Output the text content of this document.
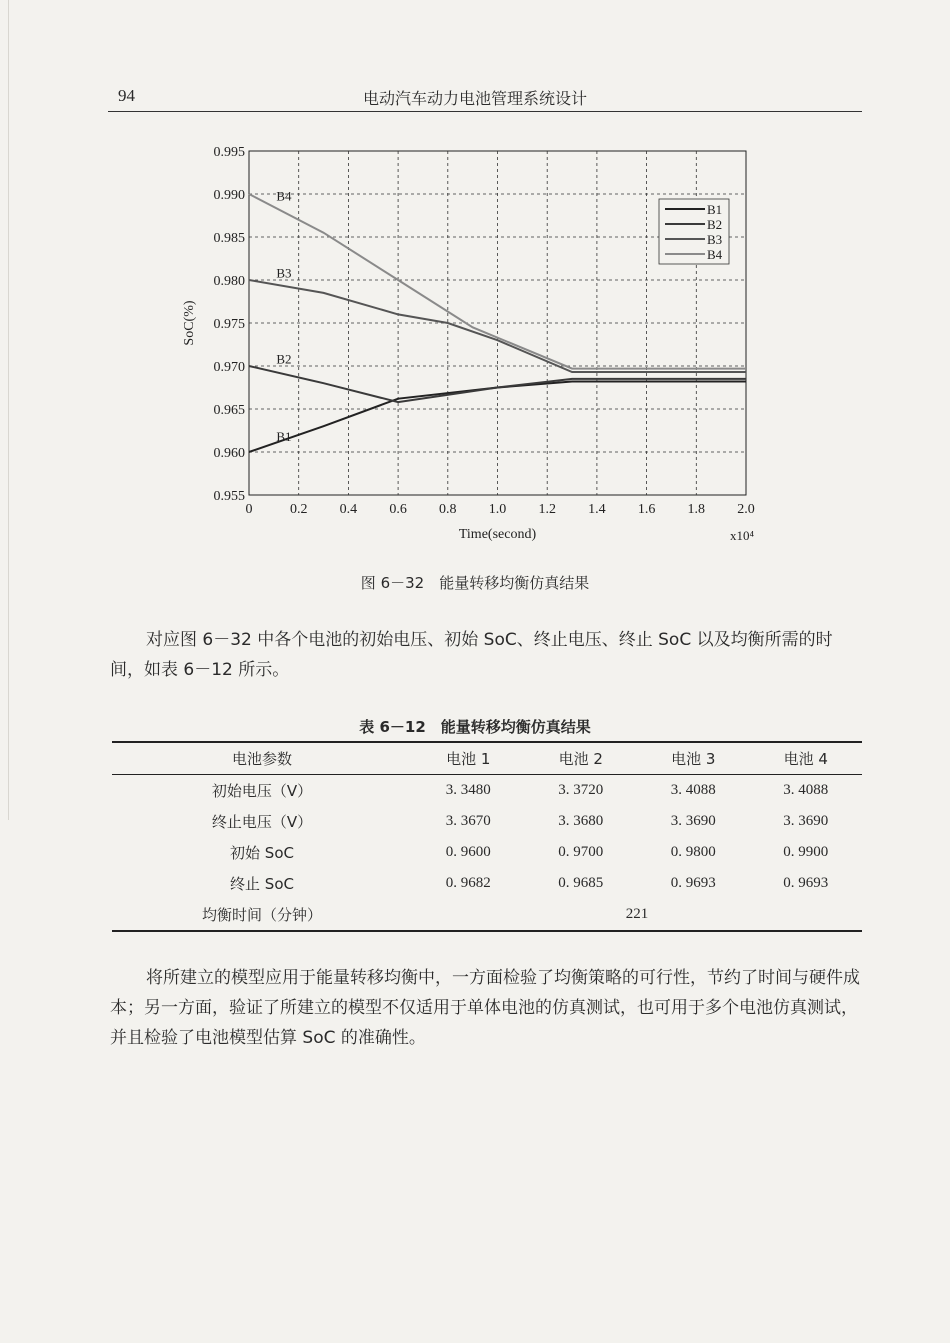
94	电动汽车动力电池管理系统设计
0	0.2 0.4 0.6 0.8 1.0 1.2 1.4 1.6 1.8 2.0
0.955
0.960
0.965
0.970
0.975
0.980
0.985
0.990
0.995
Time(second)	x10⁴
SoC(%)
B1
B2
B3
B4
B1
B2
B3
B4
图 6－32　能量转移均衡仿真结果
对应图 6－32 中各个电池的初始电压、初始 SoC、终止电压、终止 SoC 以及均衡所需的时间，如表 6－12 所示。
表 6－12　能量转移均衡仿真结果
电池参数	电池 1	电池 2	电池 3	电池 4
初始电压（V）	3. 3480	3. 3720	3. 4088	3. 4088
终止电压（V）	3. 3670	3. 3680	3. 3690	3. 3690
初始 SoC	0. 9600	0. 9700	0. 9800	0. 9900
终止 SoC	0. 9682	0. 9685	0. 9693	0. 9693
均衡时间（分钟）	221			
将所建立的模型应用于能量转移均衡中，一方面检验了均衡策略的可行性，节约了时间与硬件成本；另一方面，验证了所建立的模型不仅适用于单体电池的仿真测试，也可用于多个电池仿真测试，并且检验了电池模型估算 SoC 的准确性。
